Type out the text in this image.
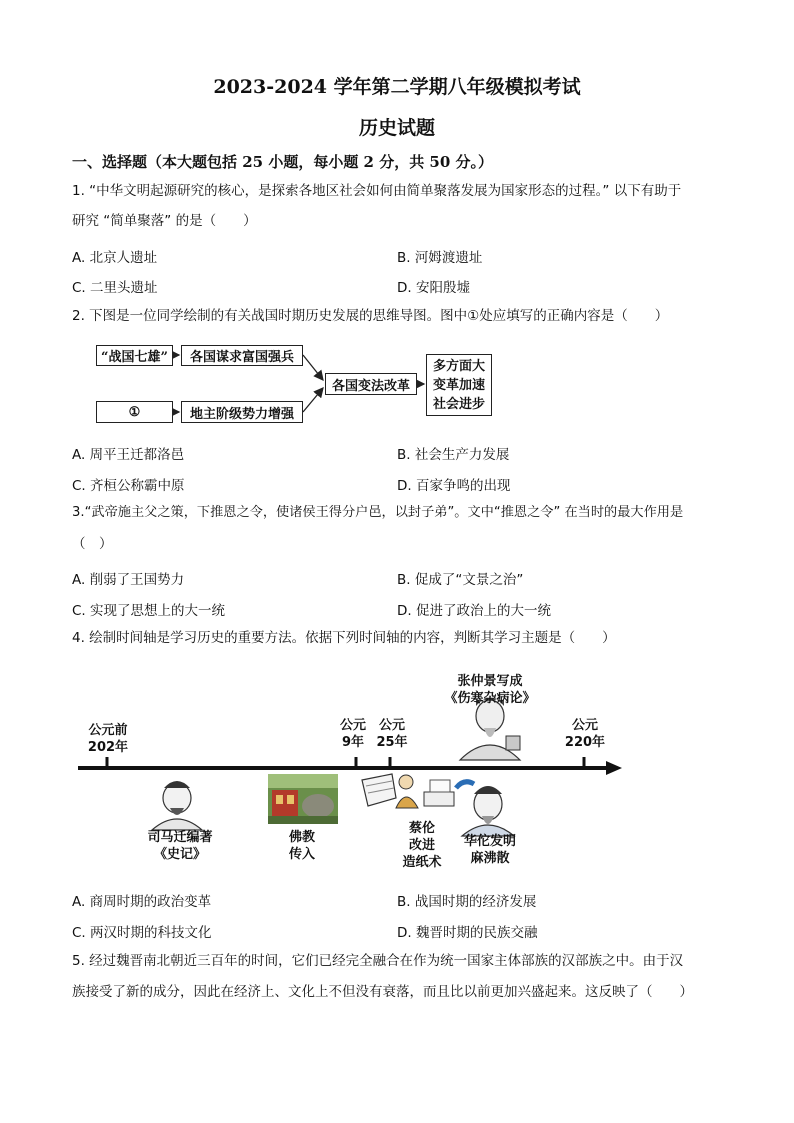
2023-2024 学年第二学期八年级模拟考试
历史试题
一、选择题（本大题包括 25 小题，每小题 2 分，共 50 分。）
1. “中华文明起源研究的核心，是探索各地区社会如何由简单聚落发展为国家形态的过程。” 以下有助于
研究 “简单聚落” 的是（　　）
A. 北京人遗址	B. 河姆渡遗址
C. 二里头遗址	D. 安阳殷墟
2. 下图是一位同学绘制的有关战国时期历史发展的思维导图。图中①处应填写的正确内容是（　　）
“战国七雄” 各国谋求富国强兵
①	地主阶级势力增强
各国变法改革
多方面大
变革加速
社会进步
A. 周平王迁都洛邑	B. 社会生产力发展
C. 齐桓公称霸中原	D. 百家争鸣的出现
3.“武帝施主父之策，下推恩之令，使诸侯王得分户邑，以封子弟”。文中“推恩之令” 在当时的最大作用是
（　）
A. 削弱了王国势力	B. 促成了“文景之治”
C. 实现了思想上的大一统	D. 促进了政治上的大一统
4. 绘制时间轴是学习历史的重要方法。依据下列时间轴的内容，判断其学习主题是（　　）
公元前
202年
公元
9年
公元
25年
公元
220年
司马迁编著
《史记》
佛教
传入
蔡伦
改进
造纸术
华佗发明
麻沸散
张仲景写成
《伤寒杂病论》
A. 商周时期的政治变革	B. 战国时期的经济发展
C. 两汉时期的科技文化	D. 魏晋时期的民族交融
5. 经过魏晋南北朝近三百年的时间，它们已经完全融合在作为统一国家主体部族的汉部族之中。由于汉
族接受了新的成分，因此在经济上、文化上不但没有衰落，而且比以前更加兴盛起来。这反映了（　　）
